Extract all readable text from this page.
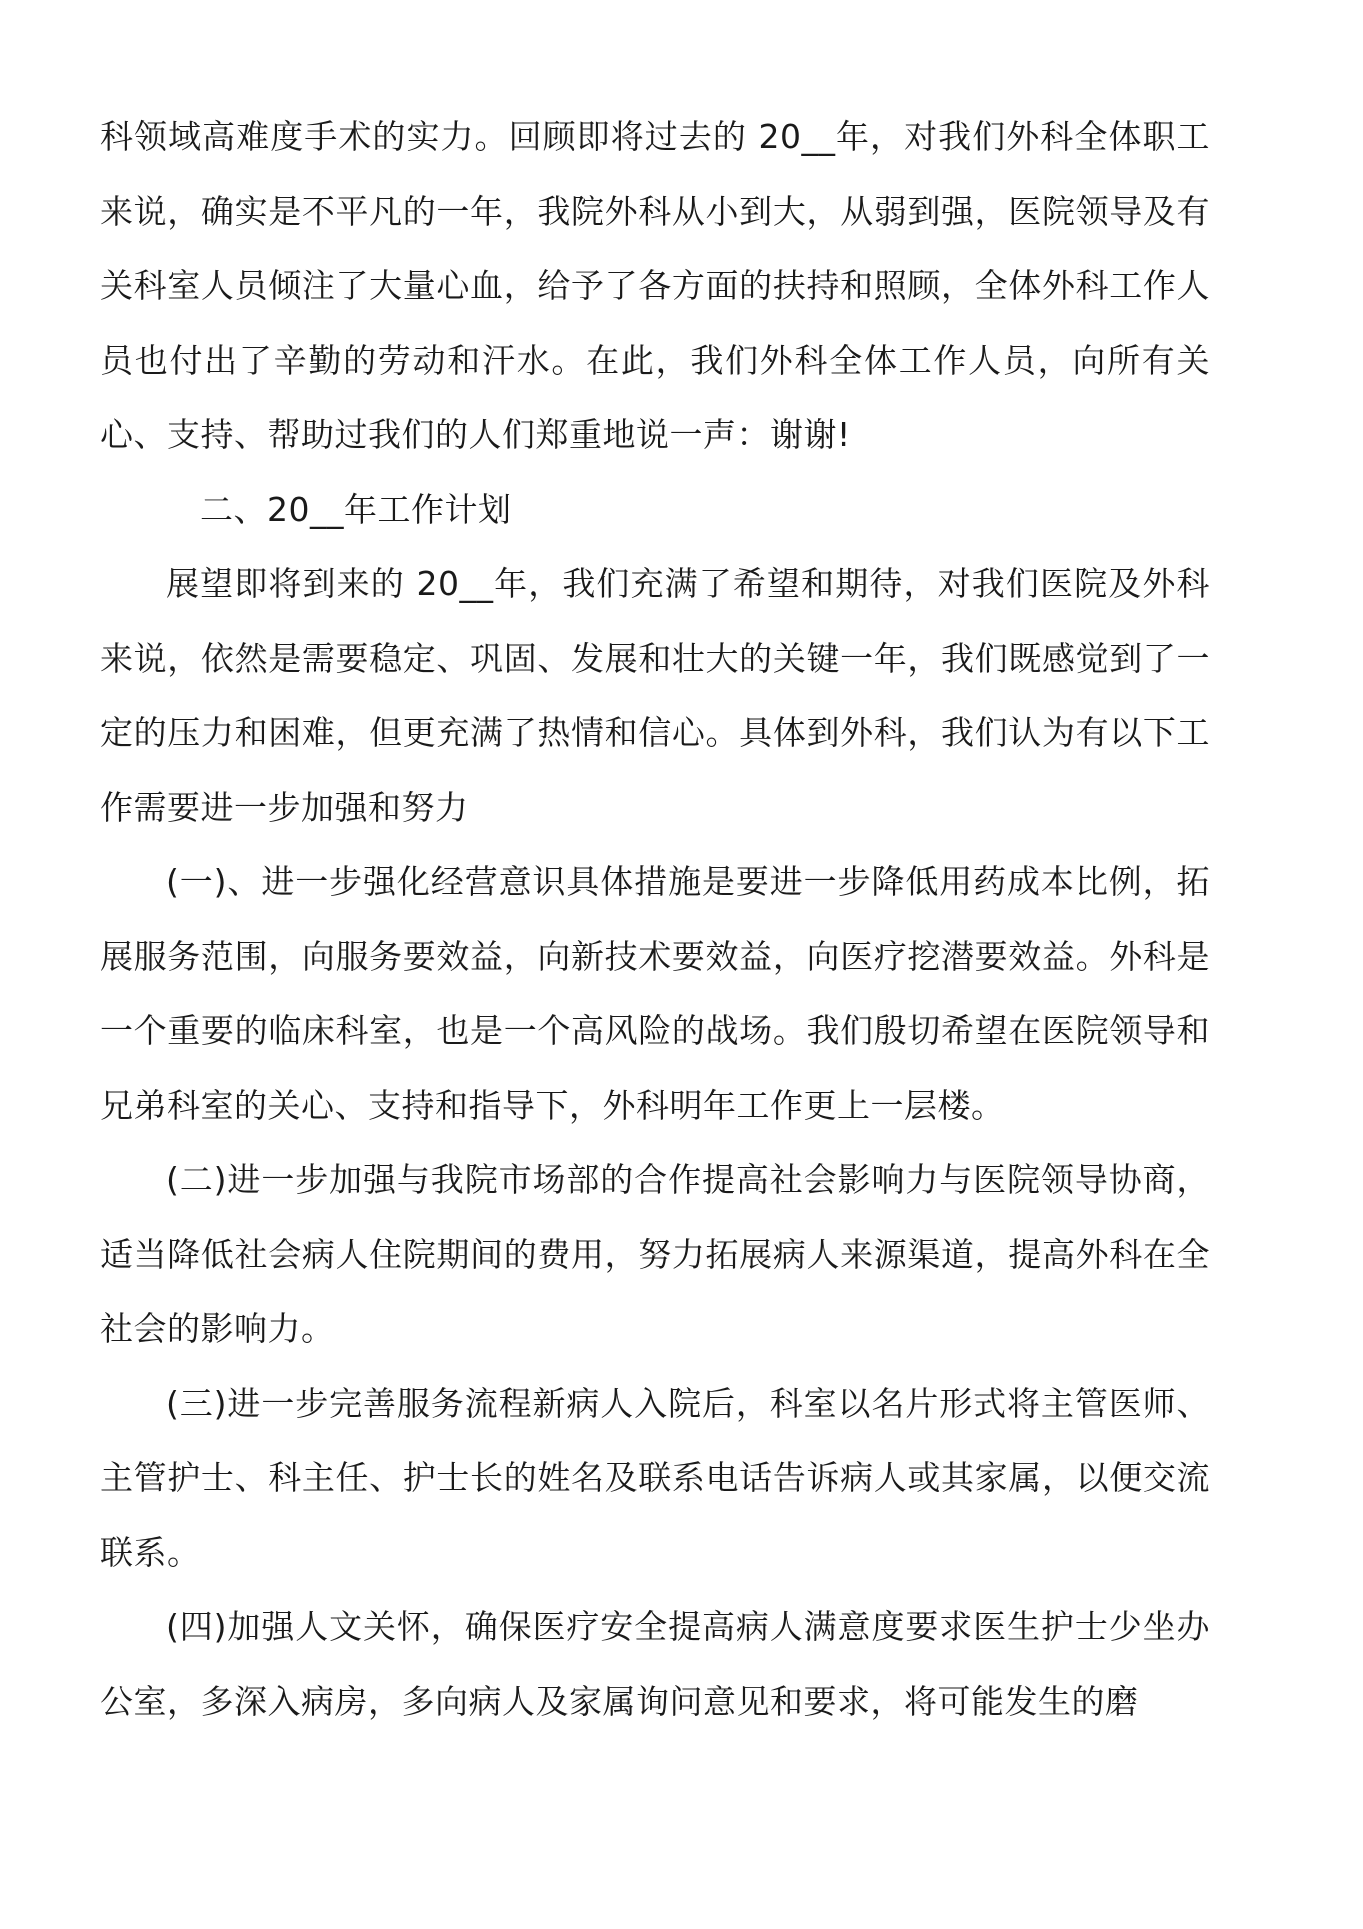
科领域高难度手术的实力。回顾即将过去的 20__年，对我们外科全体职工来说，确实是不平凡的一年，我院外科从小到大，从弱到强，医院领导及有关科室人员倾注了大量心血，给予了各方面的扶持和照顾，全体外科工作人员也付出了辛勤的劳动和汗水。在此，我们外科全体工作人员，向所有关心、支持、帮助过我们的人们郑重地说一声：谢谢!

二、20__年工作计划

展望即将到来的 20__年，我们充满了希望和期待，对我们医院及外科来说，依然是需要稳定、巩固、发展和壮大的关键一年，我们既感觉到了一定的压力和困难，但更充满了热情和信心。具体到外科，我们认为有以下工作需要进一步加强和努力

(一)、进一步强化经营意识具体措施是要进一步降低用药成本比例，拓展服务范围，向服务要效益，向新技术要效益，向医疗挖潜要效益。外科是一个重要的临床科室，也是一个高风险的战场。我们殷切希望在医院领导和兄弟科室的关心、支持和指导下，外科明年工作更上一层楼。

(二)进一步加强与我院市场部的合作提高社会影响力与医院领导协商，适当降低社会病人住院期间的费用，努力拓展病人来源渠道，提高外科在全社会的影响力。

(三)进一步完善服务流程新病人入院后，科室以名片形式将主管医师、主管护士、科主任、护士长的姓名及联系电话告诉病人或其家属，以便交流联系。

(四)加强人文关怀，确保医疗安全提高病人满意度要求医生护士少坐办公室，多深入病房，多向病人及家属询问意见和要求，将可能发生的磨
